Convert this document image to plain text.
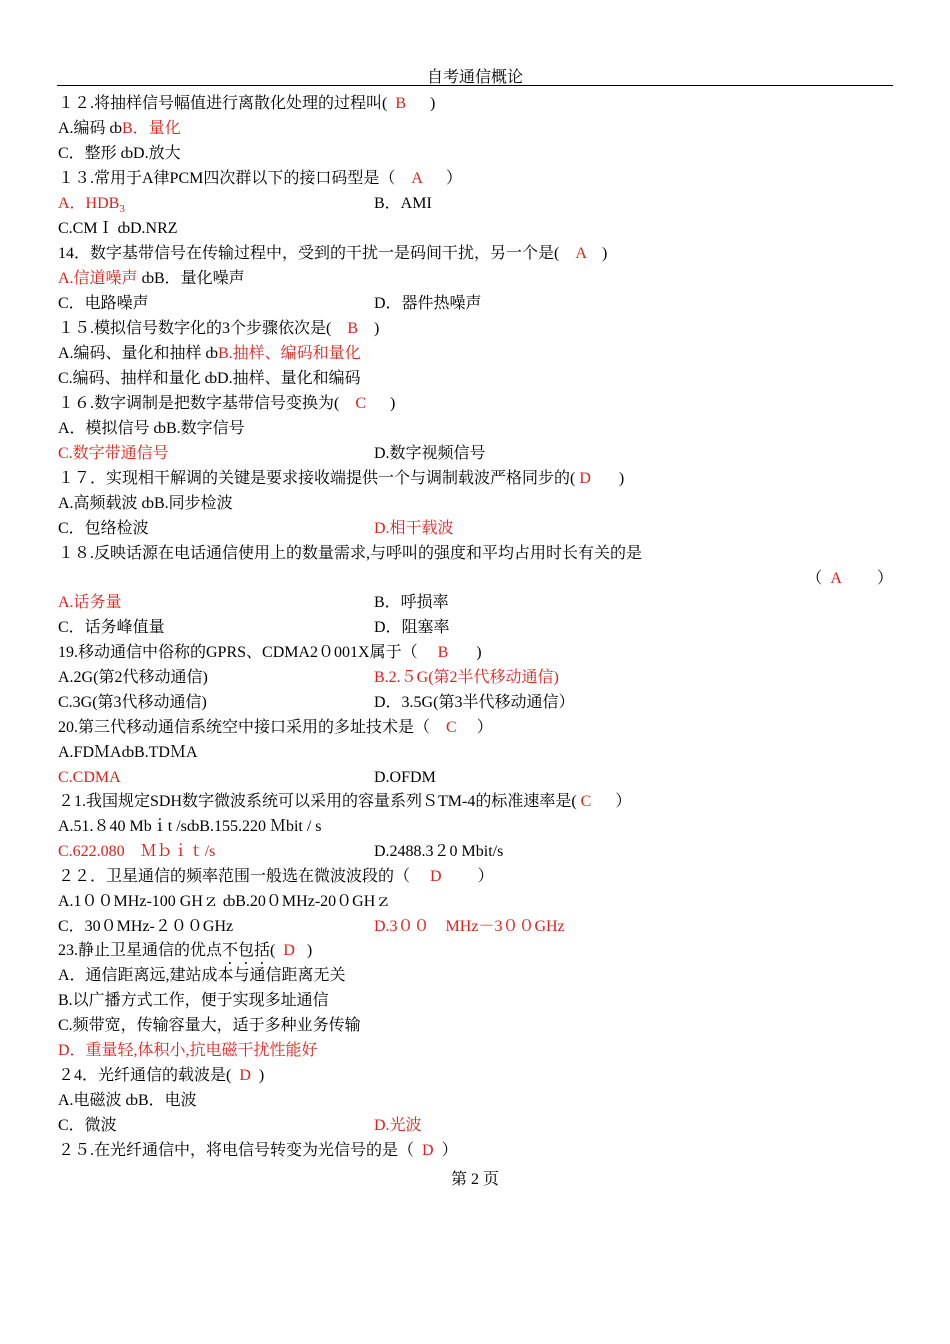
自考通信概论
１２.将抽样信号幅值进行离散化处理的过程叫( B )
A.编码 ȸB．量化
C．整形 ȸD.放大
１３.常用于A律PCM四次群以下的接口码型是（ A ）
A．$HDB_3$	B．AMI
C.CMＩ ȸD.NRZ
14．数字基带信号在传输过程中，受到的干扰一是码间干扰，另一个是( A )
A.信道噪声 ȸB．量化噪声
C．电路噪声	D．器件热噪声
１５.模拟信号数字化的3个步骤依次是( B )
A.编码、量化和抽样 ȸB.抽样、编码和量化
C.编码、抽样和量化 ȸD.抽样、量化和编码
１６.数字调制是把数字基带信号变换为( C )
A．模拟信号 ȸB.数字信号
C.数字带通信号	D.数字视频信号
１７．实现相干解调的关键是要求接收端提供一个与调制载波严格同步的( D )
A.高频载波 ȸB.同步检波
C．包络检波	D.相干载波
１８.反映话源在电话通信使用上的数量需求,与呼叫的强度和平均占用时长有关的是
（ A ）
A.话务量	B．呼损率
C．话务峰值量	D．阻塞率
19.移动通信中俗称的GPRS、CDMA2０001X属于（ B )
A.2G(第2代移动通信)	B.2.５G(第2半代移动通信)
C.3G(第3代移动通信)	D．3.5G(第3半代移动通信）
20.第三代移动通信系统空中接口采用的多址技术是（ C ）
A.FDＭAȸB.TDＭA
C.CDMA	D.OFDM
２1.我国规定SDH数字微波系统可以采用的容量系列ＳTM-4的标准速率是( C ）
A.51.８40 Mbｉt /sȸB.155.220 Ｍbit / s
C.622.080　Ｍｂｉｔ/s	D.2488.3２0 Mbit/s
２２．卫星通信的频率范围一般选在微波波段的（ D ）
A.1００MHz-100 GHｚ ȸB.20０MHz-20０GHｚ
C．30０MHz-２００GHz	D.3００　MHz－3００GHz
23.静止卫星通信的优点不包括( D )
A．通信距离远,建站成本与通信距离无关
B.以广播方式工作，便于实现多址通信
C.频带宽，传输容量大，适于多种业务传输
D．重量轻,体积小,抗电磁干扰性能好
２4．光纤通信的载波是( D )
A.电磁波 ȸB．电波
C．微波	D.光波
２５.在光纤通信中，将电信号转变为光信号的是（ D ）
第 2 页
